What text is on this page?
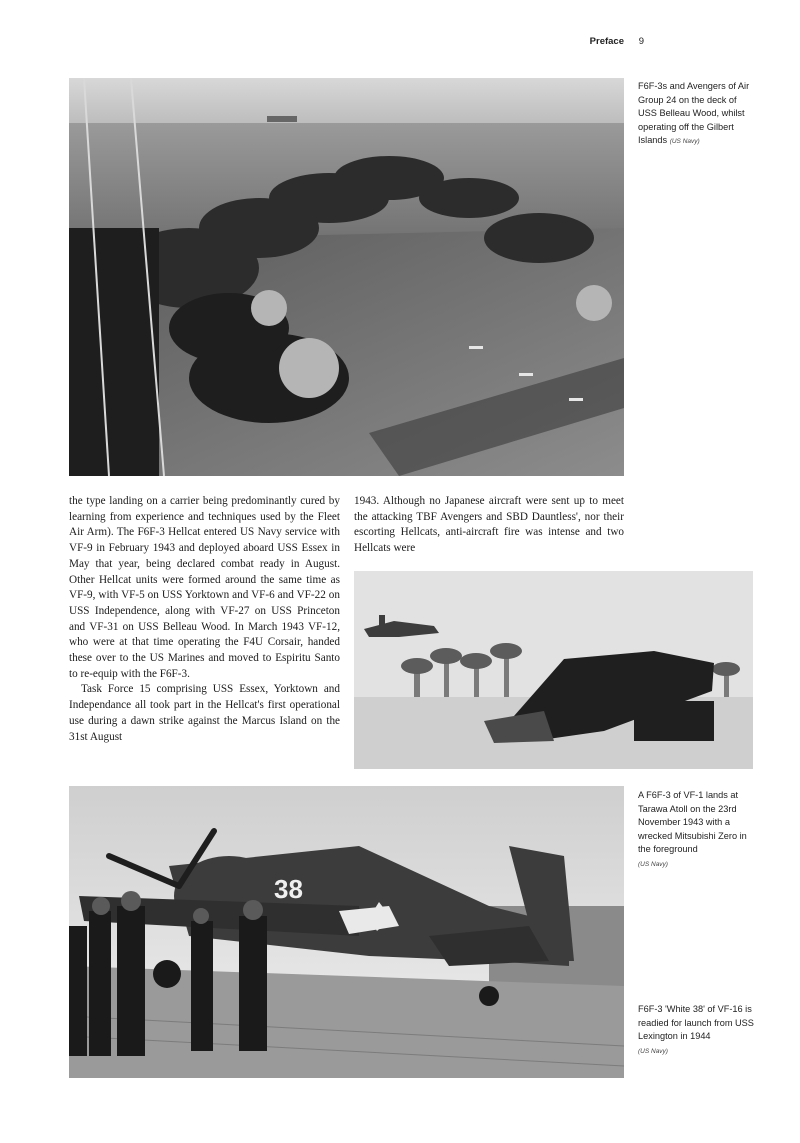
Preface 9
F6F-3s and Avengers of Air Group 24 on the deck of USS Belleau Wood, whilst operating off the Gilbert Islands (US Navy)

the type landing on a carrier being predominantly cured by learning from experience and techniques used by the Fleet Air Arm). The F6F-3 Hellcat entered US Navy service with VF-9 in February 1943 and deployed aboard USS Essex in May that year, being declared combat ready in August. Other Hellcat units were formed around the same time as VF-9, with VF-5 on USS Yorktown and VF-6 and VF-22 on USS Independence, along with VF-27 on USS Princeton and VF-31 on USS Belleau Wood. In March 1943 VF-12, who were at that time operating the F4U Corsair, handed these over to the US Marines and moved to Espiritu Santo to re-equip with the F6F-3.

Task Force 15 comprising USS Essex, Yorktown and Independance all took part in the Hellcat's first operational use during a dawn strike against the Marcus Island on the 31st August

1943. Although no Japanese aircraft were sent up to meet the attacking TBF Avengers and SBD Dauntless', nor their escorting Hellcats, anti-aircraft fire was intense and two Hellcats were

38
A F6F-3 of VF-1 lands at Tarawa Atoll on the 23rd November 1943 with a wrecked Mitsubishi Zero in the foreground
(US Navy)
F6F-3 'White 38' of VF-16 is readied for launch from USS Lexington in 1944
(US Navy)
